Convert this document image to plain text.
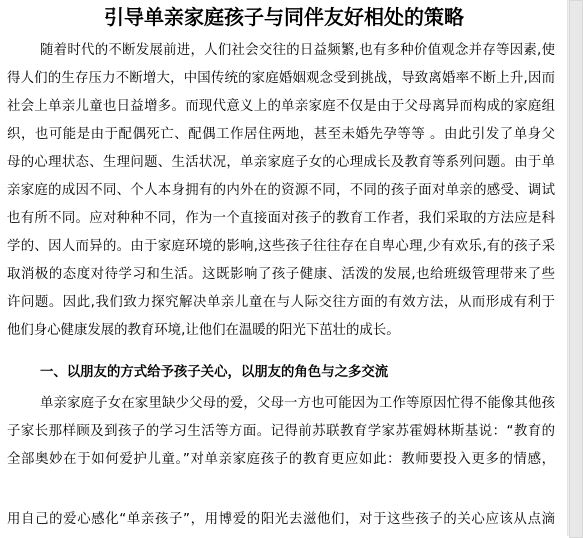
引导单亲家庭孩子与同伴友好相处的策略
随着时代的不断发展前进，人们社会交往的日益频繁,也有多种价值观念并存等因素,使
得人们的生存压力不断增大，中国传统的家庭婚姻观念受到挑战，导致离婚率不断上升,因而
社会上单亲儿童也日益增多。而现代意义上的单亲家庭不仅是由于父母离异而构成的家庭组
织，也可能是由于配偶死亡、配偶工作居住两地，甚至未婚先孕等等 。由此引发了单身父
母的心理状态、生理问题、生活状况，单亲家庭子女的心理成长及教育等系列问题。由于单
亲家庭的成因不同、个人本身拥有的内外在的资源不同，不同的孩子面对单亲的感受、调试
也有所不同。应对种种不同，作为一个直接面对孩子的教育工作者，我们采取的方法应是科
学的、因人而异的。由于家庭环境的影响,这些孩子往往存在自卑心理,少有欢乐,有的孩子采
取消极的态度对待学习和生活。这既影响了孩子健康、活泼的发展,也给班级管理带来了些
许问题。因此,我们致力探究解决单亲儿童在与人际交往方面的有效方法，从而形成有利于
他们身心健康发展的教育环境,让他们在温暖的阳光下茁壮的成长。
一、以朋友的方式给予孩子关心，以朋友的角色与之多交流
单亲家庭子女在家里缺少父母的爱，父母一方也可能因为工作等原因忙得不能像其他孩
子家长那样顾及到孩子的学习生活等方面。记得前苏联教育学家苏霍姆林斯基说：“教育的
全部奥妙在于如何爱护儿童。”对单亲家庭孩子的教育更应如此：教师要投入更多的情感，
用自己的爱心感化“单亲孩子”，用博爱的阳光去滋他们，对于这些孩子的关心应该从点滴
